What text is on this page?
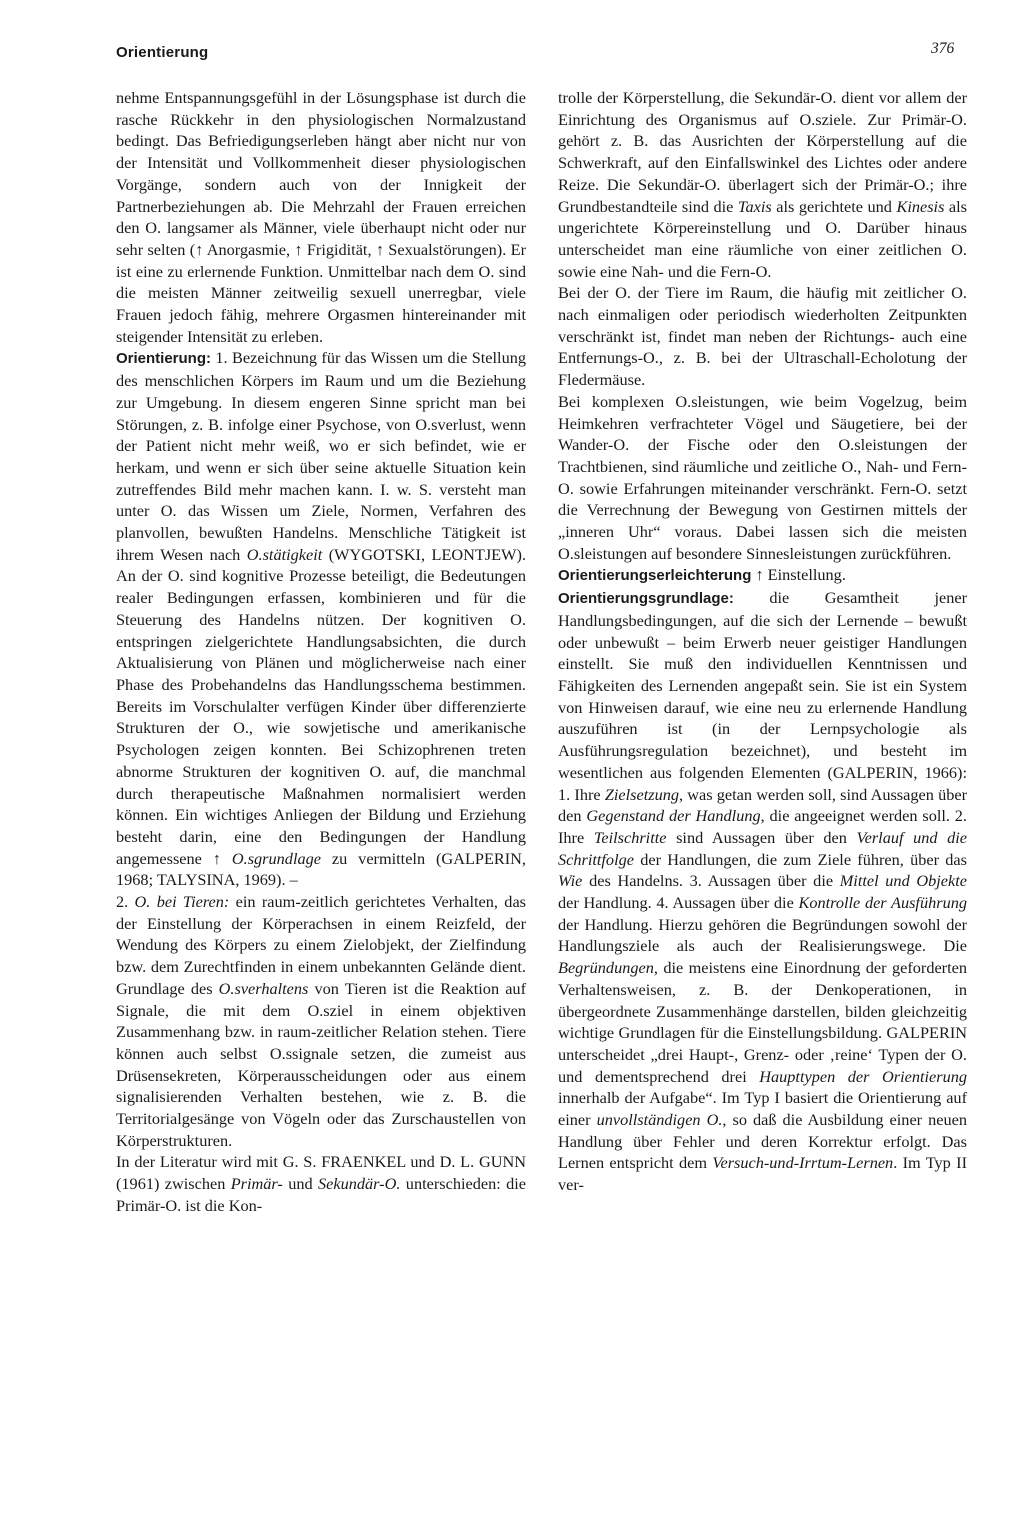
Orientierung	376

nehme Entspannungsgefühl in der Lösungsphase ist durch die rasche Rückkehr in den physiologischen Normalzustand bedingt. Das Befriedigungserleben hängt aber nicht nur von der Intensität und Vollkommenheit dieser physiologischen Vorgänge, sondern auch von der Innigkeit der Partnerbeziehungen ab. Die Mehrzahl der Frauen erreichen den O. langsamer als Männer, viele überhaupt nicht oder nur sehr selten (↑ Anorgasmie, ↑ Frigidität, ↑ Sexualstörungen). Er ist eine zu erlernende Funktion. Unmittelbar nach dem O. sind die meisten Männer zeitweilig sexuell unerregbar, viele Frauen jedoch fähig, mehrere Orgasmen hintereinander mit steigender Intensität zu erleben.

Orientierung: 1. Bezeichnung für das Wissen um die Stellung des menschlichen Körpers im Raum und um die Beziehung zur Umgebung. In diesem engeren Sinne spricht man bei Störungen, z. B. infolge einer Psychose, von O.sverlust, wenn der Patient nicht mehr weiß, wo er sich befindet, wie er herkam, und wenn er sich über seine aktuelle Situation kein zutreffendes Bild mehr machen kann. I. w. S. versteht man unter O. das Wissen um Ziele, Normen, Verfahren des planvollen, bewußten Handelns. Menschliche Tätigkeit ist ihrem Wesen nach O.stätigkeit (WYGOTSKI, LEONTJEW). An der O. sind kognitive Prozesse beteiligt, die Bedeutungen realer Bedingungen erfassen, kombinieren und für die Steuerung des Handelns nützen. Der kognitiven O. entspringen zielgerichtete Handlungsabsichten, die durch Aktualisierung von Plänen und möglicherweise nach einer Phase des Probehandelns das Handlungsschema bestimmen. Bereits im Vorschulalter verfügen Kinder über differenzierte Strukturen der O., wie sowjetische und amerikanische Psychologen zeigen konnten. Bei Schizophrenen treten abnorme Strukturen der kognitiven O. auf, die manchmal durch therapeutische Maßnahmen normalisiert werden können. Ein wichtiges Anliegen der Bildung und Erziehung besteht darin, eine den Bedingungen der Handlung angemessene ↑ O.sgrundlage zu vermitteln (GALPERIN, 1968; TALYSINA, 1969). –

2. O. bei Tieren: ein raum-zeitlich gerichtetes Verhalten, das der Einstellung der Körperachsen in einem Reizfeld, der Wendung des Körpers zu einem Zielobjekt, der Zielfindung bzw. dem Zurechtfinden in einem unbekannten Gelände dient. Grundlage des O.sverhaltens von Tieren ist die Reaktion auf Signale, die mit dem O.sziel in einem objektiven Zusammenhang bzw. in raum-zeitlicher Relation stehen. Tiere können auch selbst O.ssignale setzen, die zumeist aus Drüsensekreten, Körperausscheidungen oder aus einem signalisierenden Verhalten bestehen, wie z. B. die Territorialgesänge von Vögeln oder das Zurschaustellen von Körperstrukturen.

In der Literatur wird mit G. S. FRAENKEL und D. L. GUNN (1961) zwischen Primär- und Sekundär-O. unterschieden: die Primär-O. ist die Kon-

trolle der Körperstellung, die Sekundär-O. dient vor allem der Einrichtung des Organismus auf O.sziele. Zur Primär-O. gehört z. B. das Ausrichten der Körperstellung auf die Schwerkraft, auf den Einfallswinkel des Lichtes oder andere Reize. Die Sekundär-O. überlagert sich der Primär-O.; ihre Grundbestandteile sind die Taxis als gerichtete und Kinesis als ungerichtete Körpereinstellung und O. Darüber hinaus unterscheidet man eine räumliche von einer zeitlichen O. sowie eine Nah- und die Fern-O.

Bei der O. der Tiere im Raum, die häufig mit zeitlicher O. nach einmaligen oder periodisch wiederholten Zeitpunkten verschränkt ist, findet man neben der Richtungs- auch eine Entfernungs-O., z. B. bei der Ultraschall-Echolotung der Fledermäuse.

Bei komplexen O.sleistungen, wie beim Vogelzug, beim Heimkehren verfrachteter Vögel und Säugetiere, bei der Wander-O. der Fische oder den O.sleistungen der Trachtbienen, sind räumliche und zeitliche O., Nah- und Fern-O. sowie Erfahrungen miteinander verschränkt. Fern-O. setzt die Verrechnung der Bewegung von Gestirnen mittels der „inneren Uhr“ voraus. Dabei lassen sich die meisten O.sleistungen auf besondere Sinnesleistungen zurückführen.

Orientierungserleichterung ↑ Einstellung.

Orientierungsgrundlage: die Gesamtheit jener Handlungsbedingungen, auf die sich der Lernende – bewußt oder unbewußt – beim Erwerb neuer geistiger Handlungen einstellt. Sie muß den individuellen Kenntnissen und Fähigkeiten des Lernenden angepaßt sein. Sie ist ein System von Hinweisen darauf, wie eine neu zu erlernende Handlung auszuführen ist (in der Lernpsychologie als Ausführungsregulation bezeichnet), und besteht im wesentlichen aus folgenden Elementen (GALPERIN, 1966): 1. Ihre Zielsetzung, was getan werden soll, sind Aussagen über den Gegenstand der Handlung, die angeeignet werden soll. 2. Ihre Teilschritte sind Aussagen über den Verlauf und die Schrittfolge der Handlungen, die zum Ziele führen, über das Wie des Handelns. 3. Aussagen über die Mittel und Objekte der Handlung. 4. Aussagen über die Kontrolle der Ausführung der Handlung. Hierzu gehören die Begründungen sowohl der Handlungsziele als auch der Realisierungswege. Die Begründungen, die meistens eine Einordnung der geforderten Verhaltensweisen, z. B. der Denkoperationen, in übergeordnete Zusammenhänge darstellen, bilden gleichzeitig wichtige Grundlagen für die Einstellungsbildung. GALPERIN unterscheidet „drei Haupt-, Grenz- oder ‚reine‘ Typen der O. und dementsprechend drei Haupttypen der Orientierung innerhalb der Aufgabe“. Im Typ I basiert die Orientierung auf einer unvollständigen O., so daß die Ausbildung einer neuen Handlung über Fehler und deren Korrektur erfolgt. Das Lernen entspricht dem Versuch-und-Irrtum-Lernen. Im Typ II ver-
